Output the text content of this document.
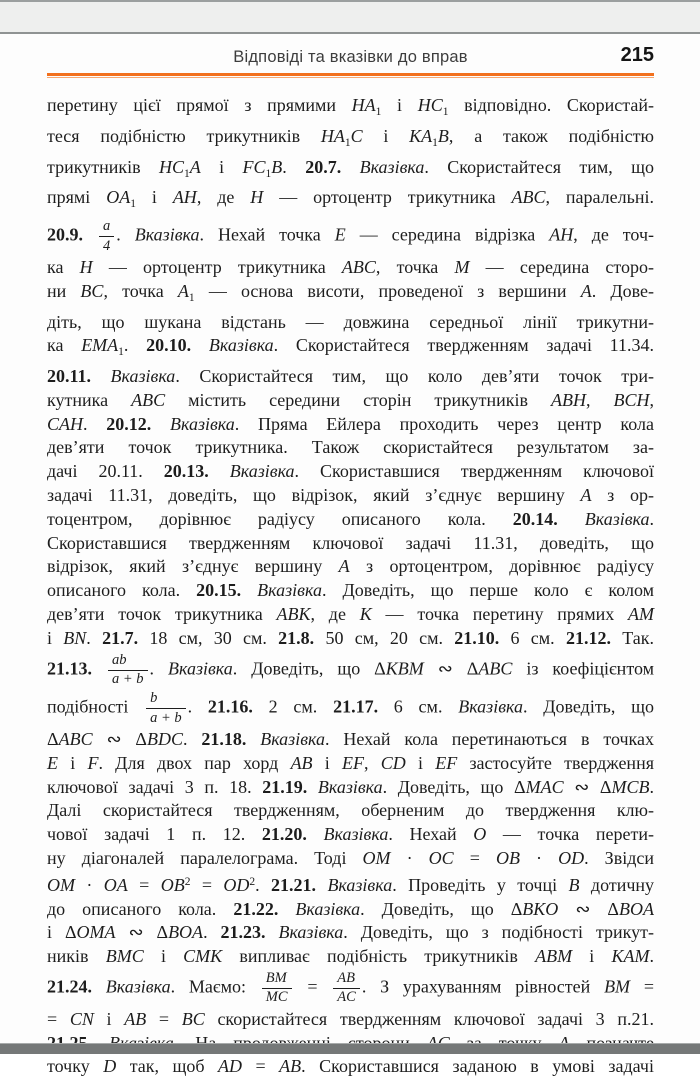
Відповіді та вказівки до вправ	215
перетину цієї прямої з прямими $HA_1$ і $HC_1$ відповідно. Скористай-
теся подібністю трикутників $HA_1C$ і $KA_1B$, а також подібністю
трикутників $HC_1A$ і $FC_1B$. 20.7. Вказівка. Скористайтеся тим, що
прямі $OA_1$ і AH, де H — ортоцентр трикутника ABC, паралельні.
20.9. $\frac{a}{4}$ . Вказівка. Нехай точка E — середина відрізка AH, де точ-
ка H — ортоцентр трикутника ABC, точка M — середина сторо-
ни BC, точка $A_1$ — основа висоти, проведеної з вершини A. Дове-
діть, що шукана відстань — довжина середньої лінії трикутни-
ка $EMA_1$. 20.10. Вказівка. Скористайтеся твердженням задачі 11.34.
20.11. Вказівка. Скористайтеся тим, що коло дев’яти точок три-
кутника ABC містить середини сторін трикутників ABH, BCH,
CAH. 20.12. Вказівка. Пряма Ейлера проходить через центр кола
дев’яти точок трикутника. Також скористайтеся результатом за-
дачі 20.11. 20.13. Вказівка. Скориставшися твердженням ключової
задачі 11.31, доведіть, що відрізок, який з’єднує вершину A з ор-
тоцентром, дорівнює радіусу описаного кола. 20.14. Вказівка.
Скориставшися твердженням ключової задачі 11.31, доведіть, що
відрізок, який з’єднує вершину A з ортоцентром, дорівнює радіусу
описаного кола. 20.15. Вказівка. Доведіть, що перше коло є колом
дев’яти точок трикутника ABK, де K — точка перетину прямих AM
і BN. 21.7. 18 см, 30 см. 21.8. 50 см, 20 см. 21.10. 6 см. 21.12. Так.
21.13. $\frac{ab}{a + b}$ . Вказівка. Доведіть, що ΔKBM ∾ ΔABC із коефіцієнтом
подібності $\frac{b}{a + b}$ . 21.16. 2 см. 21.17. 6 см. Вказівка. Доведіть, що
ΔABC ∾ ΔBDC. 21.18. Вказівка. Нехай кола перетинаються в точках
E і F. Для двох пар хорд AB і EF, CD і EF застосуйте твердження
ключової задачі 3 п. 18. 21.19. Вказівка. Доведіть, що ΔMAC ∾ ΔMCB.
Далі скористайтеся твердженням, оберненим до твердження клю-
чової задачі 1 п. 12. 21.20. Вказівка. Нехай O — точка перети-
ну діагоналей паралелограма. Тоді OM · OC = OB · OD. Звідси
OM · OA = $OB^2 = OD^2$. 21.21. Вказівка. Проведіть у точці B дотичну
до описаного кола. 21.22. Вказівка. Доведіть, що ΔBKO ∾ ΔBOA
і ΔOMA ∾ ΔBOA. 21.23. Вказівка. Доведіть, що з подібності трикут-
ників BMC і CMK випливає подібність трикутників ABM і KAM.
21.24. Вказівка. Маємо: $\frac{BM}{MC} = \frac{AB}{AC}$ . З урахуванням рівностей BM =
= CN і AB = BC скористайтеся твердженням ключової задачі 3 п.21.
точку D так, щоб AD = AB. Скориставшися заданою в умові задачі
